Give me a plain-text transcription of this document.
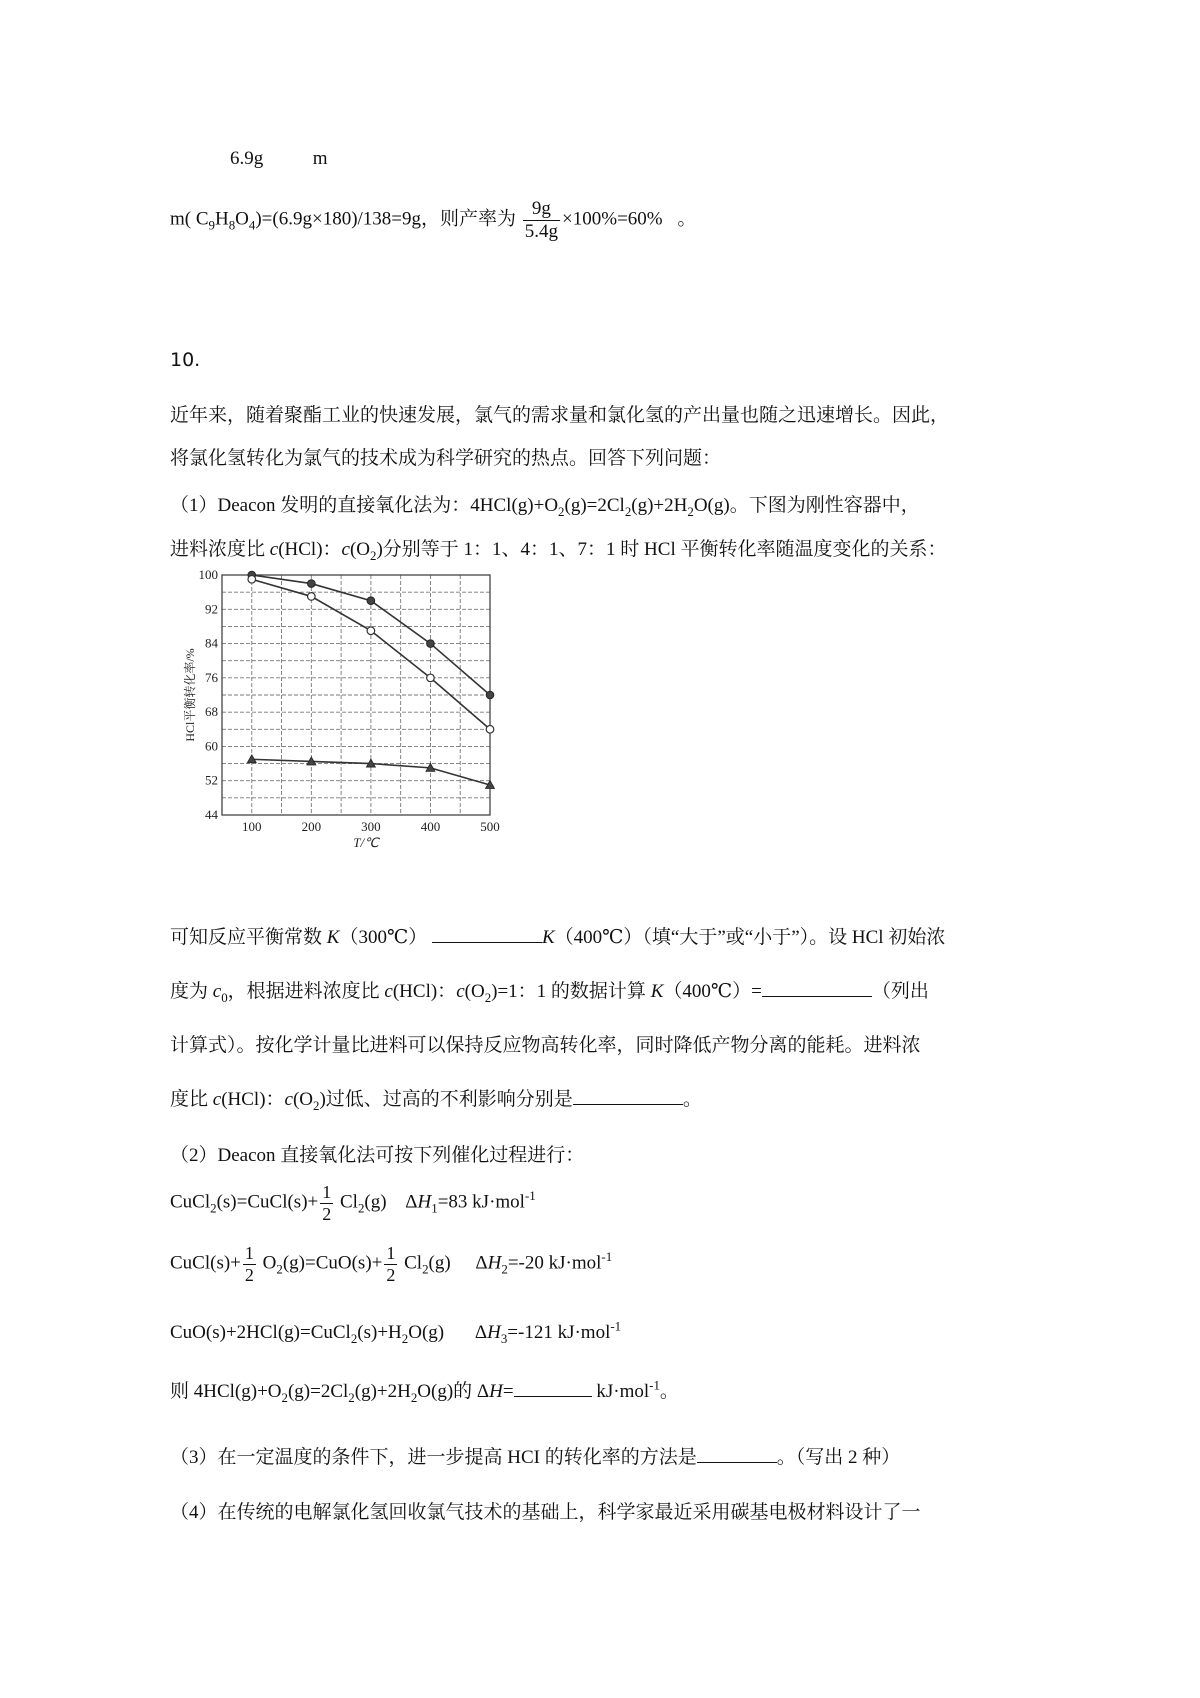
6.9g	m
m( $C_9H_8O_4)=(6.9g\times 180)/138=9g$，则产率为 $\frac{9g}{5.4g} \times 100\%=60\%$ 。
10.
近年来，随着聚酯工业的快速发展，氯气的需求量和氯化氢的产出量也随之迅速增长。因此，
将氯化氢转化为氯气的技术成为科学研究的热点。回答下列问题：
（1）Deacon 发明的直接氧化法为：$4HCl(g)+O_2(g)=2Cl_2(g)+2H_2O(g)$。下图为刚性容器中，
进料浓度比 c(HCl)：$c(O_2)$分别等于 1：1、4：1、7：1 时 HCl 平衡转化率随温度变化的关系：
44
52
60
68
76
84
92
100
100	200	300	400	500
T/℃
HCl平衡转化率/%
可知反应平衡常数 K（300℃）	K（400℃）（填“大于”或“小于”）。设 HCl 初始浓
度为 $c_0$，根据进料浓度比 c(HCl)：$c(O_2)=1$：1 的数据计算 K（400℃）=	（列出
计算式）。按化学计量比进料可以保持反应物高转化率，同时降低产物分离的能耗。进料浓
度比 c(HCl)：$c(O_2)$过低、过高的不利影响分别是	。
（2）Deacon 直接氧化法可按下列催化过程进行：
CuCl$_2$(s)=CuCl(s)+ $\frac{1}{2} Cl_2(g)$ $\Delta H_1=83$ kJ·mol$^{-1}$
CuCl(s)+ $\frac{1}{2} O_2(g)=CuO(s)+ \frac{1}{2} Cl_2(g)$ $\Delta H_2=-20$ kJ·mol$^{-1}$
$CuO(s)+2HCl(g)=CuCl_2(s)+H_2O(g)$ $\Delta H_3=-121$ kJ·mol$^{-1}$
则 $4HCl(g)+O_2(g)=2Cl_2(g)+2H_2O(g)$的 ΔH=	kJ·mol$^{-1}$。
（3）在一定温度的条件下，进一步提高 HCI 的转化率的方法是	。（写出 2 种）
（4）在传统的电解氯化氢回收氯气技术的基础上，科学家最近采用碳基电极材料设计了一
